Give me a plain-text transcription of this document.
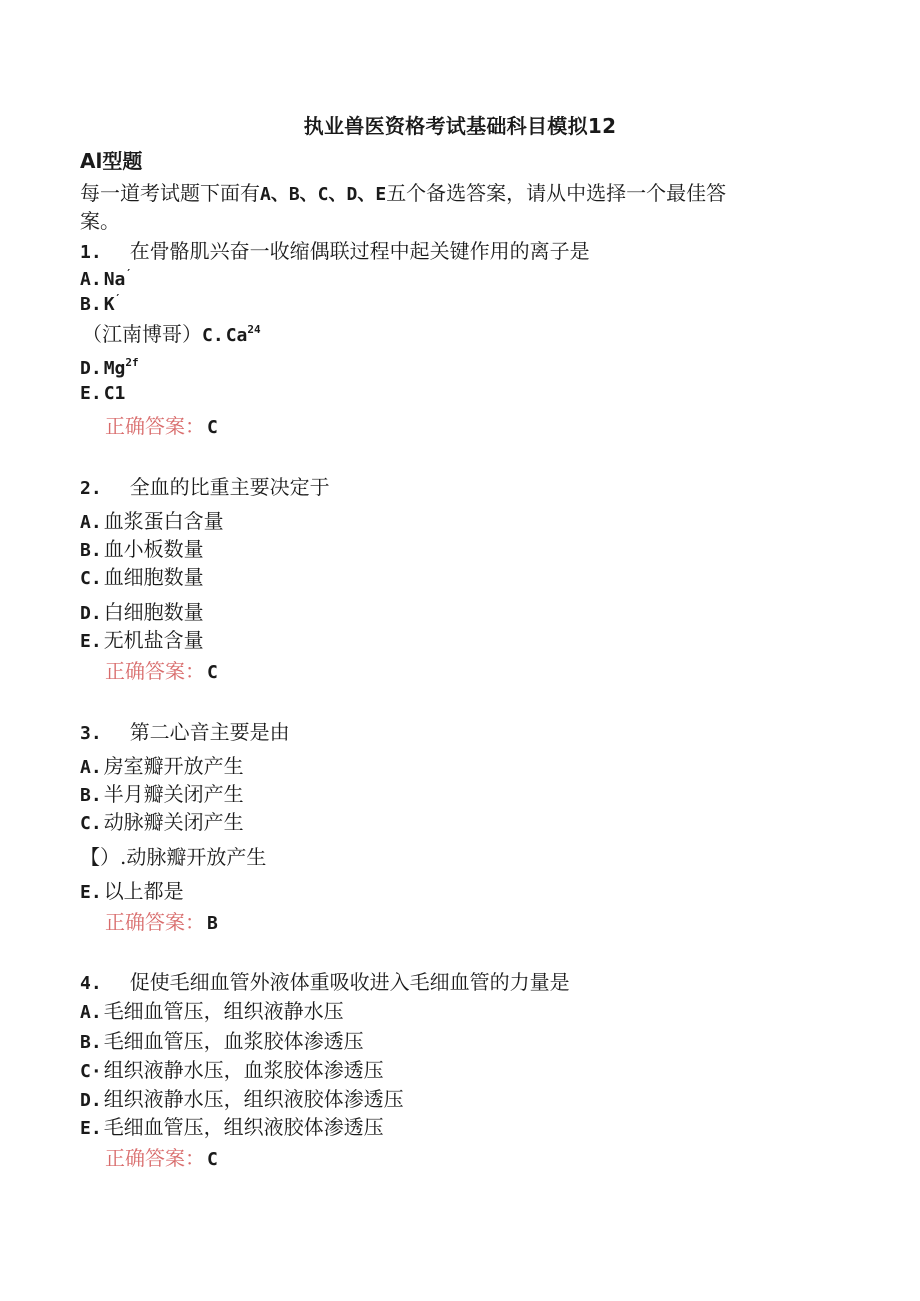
执业兽医资格考试基础科目模拟12
Al型题
每一道考试题下面有A、B、C、D、E五个备选答案，请从中选择一个最佳答
案。
1. 在骨骼肌兴奋一收缩偶联过程中起关键作用的离子是
A. Na′
B. K′
（江南博哥）C. Ca$^{24}$
D. $Mg^{2f}$
E. C1
正确答案： C
2. 全血的比重主要决定于
A. 血浆蛋白含量
B. 血小板数量
C. 血细胞数量
D. 白细胞数量
E. 无机盐含量
正确答案： C
3. 第二心音主要是由
A. 房室瓣开放产生
B. 半月瓣关闭产生
C. 动脉瓣关闭产生
【）.动脉瓣开放产生
E. 以上都是
正确答案： B
4. 促使毛细血管外液体重吸收进入毛细血管的力量是
A. 毛细血管压，组织液静水压
B. 毛细血管压，血浆胶体渗透压
C· 组织液静水压，血浆胶体渗透压
D. 组织液静水压，组织液胶体渗透压
E. 毛细血管压，组织液胶体渗透压
正确答案： C
